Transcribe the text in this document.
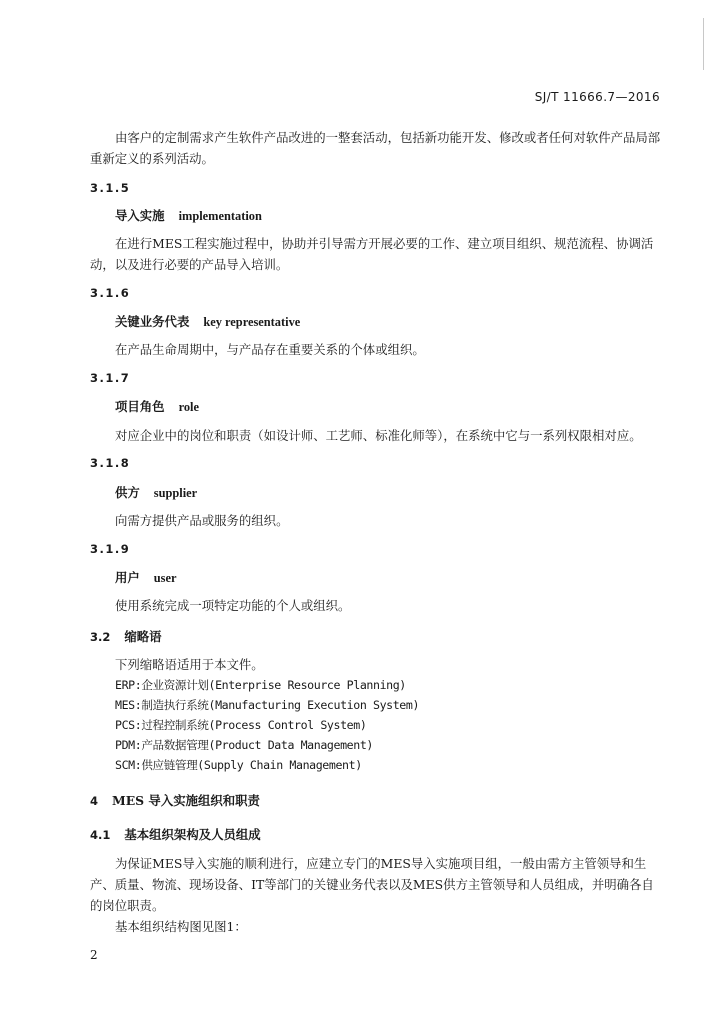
SJ/T 11666.7—2016

由客户的定制需求产生软件产品改进的一整套活动，包括新功能开发、修改或者任何对软件产品局部重新定义的系列活动。

3.1.5
导入实施 implementation

在进行MES工程实施过程中，协助并引导需方开展必要的工作、建立项目组织、规范流程、协调活动，以及进行必要的产品导入培训。

3.1.6
关键业务代表 key representative
在产品生命周期中，与产品存在重要关系的个体或组织。
3.1.7
项目角色 role
对应企业中的岗位和职责（如设计师、工艺师、标准化师等），在系统中它与一系列权限相对应。
3.1.8
供方 supplier
向需方提供产品或服务的组织。
3.1.9
用户 user
使用系统完成一项特定功能的个人或组织。
3.2 缩略语
下列缩略语适用于本文件。
ERP:企业资源计划(Enterprise Resource Planning)
MES:制造执行系统(Manufacturing Execution System)
PCS:过程控制系统(Process Control System)
PDM:产品数据管理(Product Data Management)
SCM:供应链管理(Supply Chain Management)
4 MES 导入实施组织和职责
4.1 基本组织架构及人员组成

为保证MES导入实施的顺利进行，应建立专门的MES导入实施项目组，一般由需方主管领导和生产、质量、物流、现场设备、IT等部门的关键业务代表以及MES供方主管领导和人员组成，并明确各自的岗位职责。

基本组织结构图见图1：
2
